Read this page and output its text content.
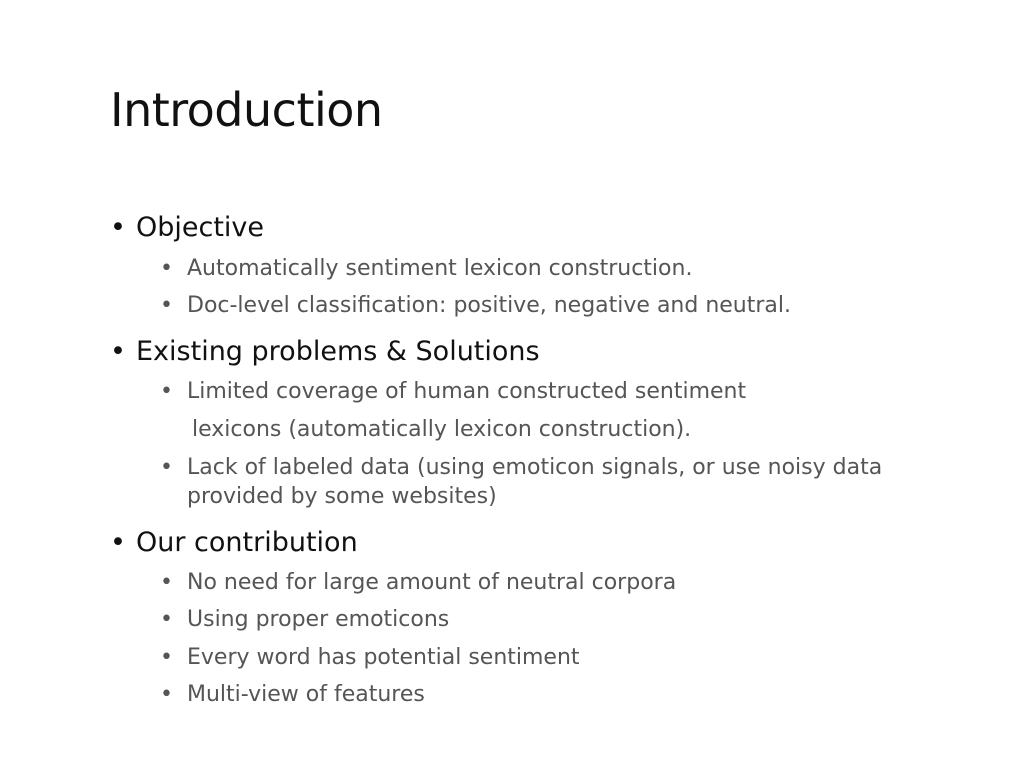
Introduction
• Objective
• Automatically sentiment lexicon construction.
• Doc-level classification: positive, negative and neutral.
• Existing problems & Solutions
• Limited coverage of human constructed sentiment
lexicons (automatically lexicon construction).
• Lack of labeled data (using emoticon signals, or use noisy data
provided by some websites)
• Our contribution
• No need for large amount of neutral corpora
• Using proper emoticons
• Every word has potential sentiment
• Multi-view of features
